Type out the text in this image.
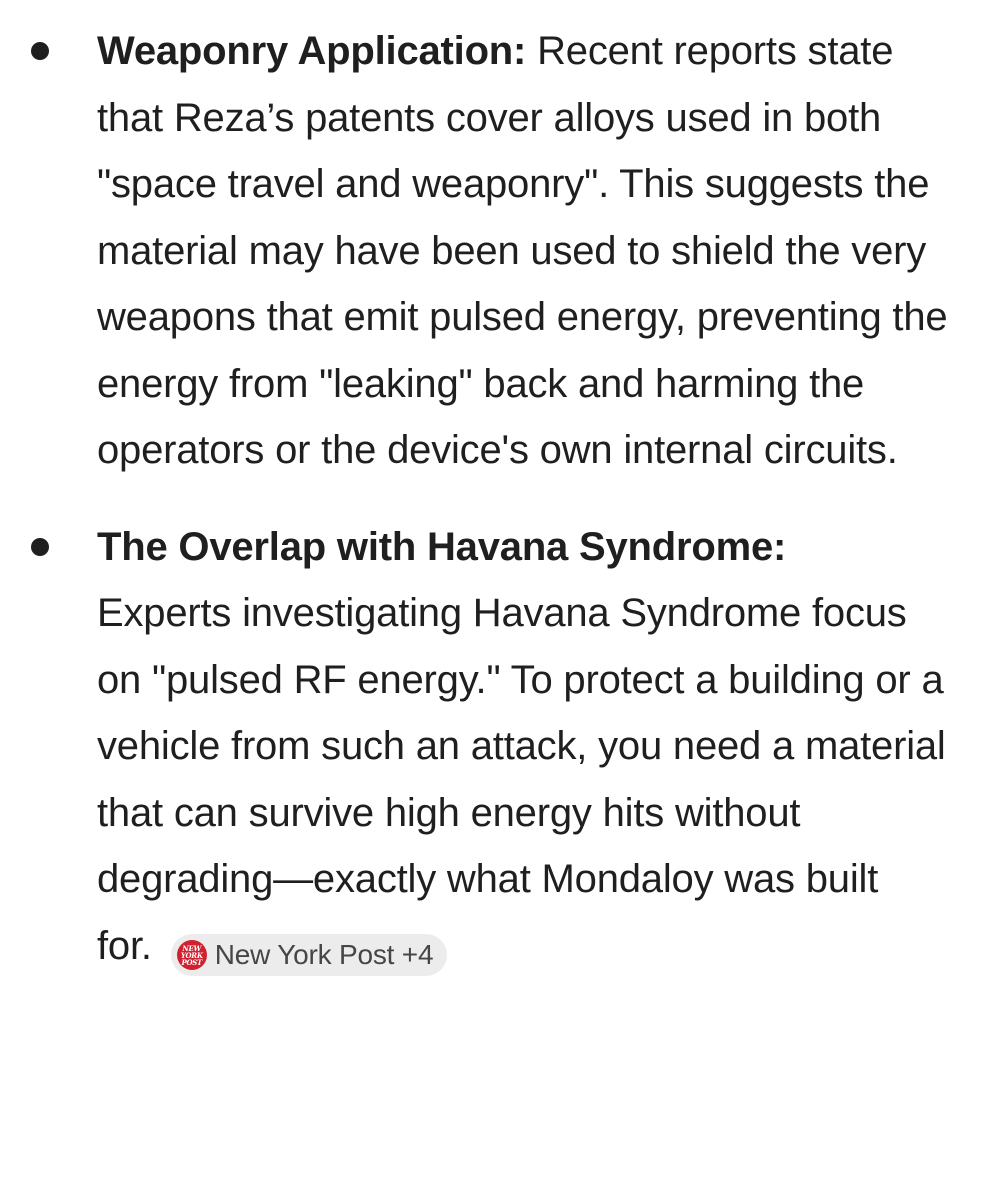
Weaponry Application: Recent reports state that Reza’s patents cover alloys used in both "space travel and weaponry". This suggests the material may have been used to shield the very weapons that emit pulsed energy, preventing the energy from "leaking" back and harming the operators or the device's own internal circuits.
The Overlap with Havana Syndrome:
Experts investigating Havana Syndrome focus on "pulsed RF energy." To protect a building or a vehicle from such an attack, you need a material that can survive high energy hits without degrading—exactly what Mondaloy was built
for.	NEW
YORK
POST New York Post +4
